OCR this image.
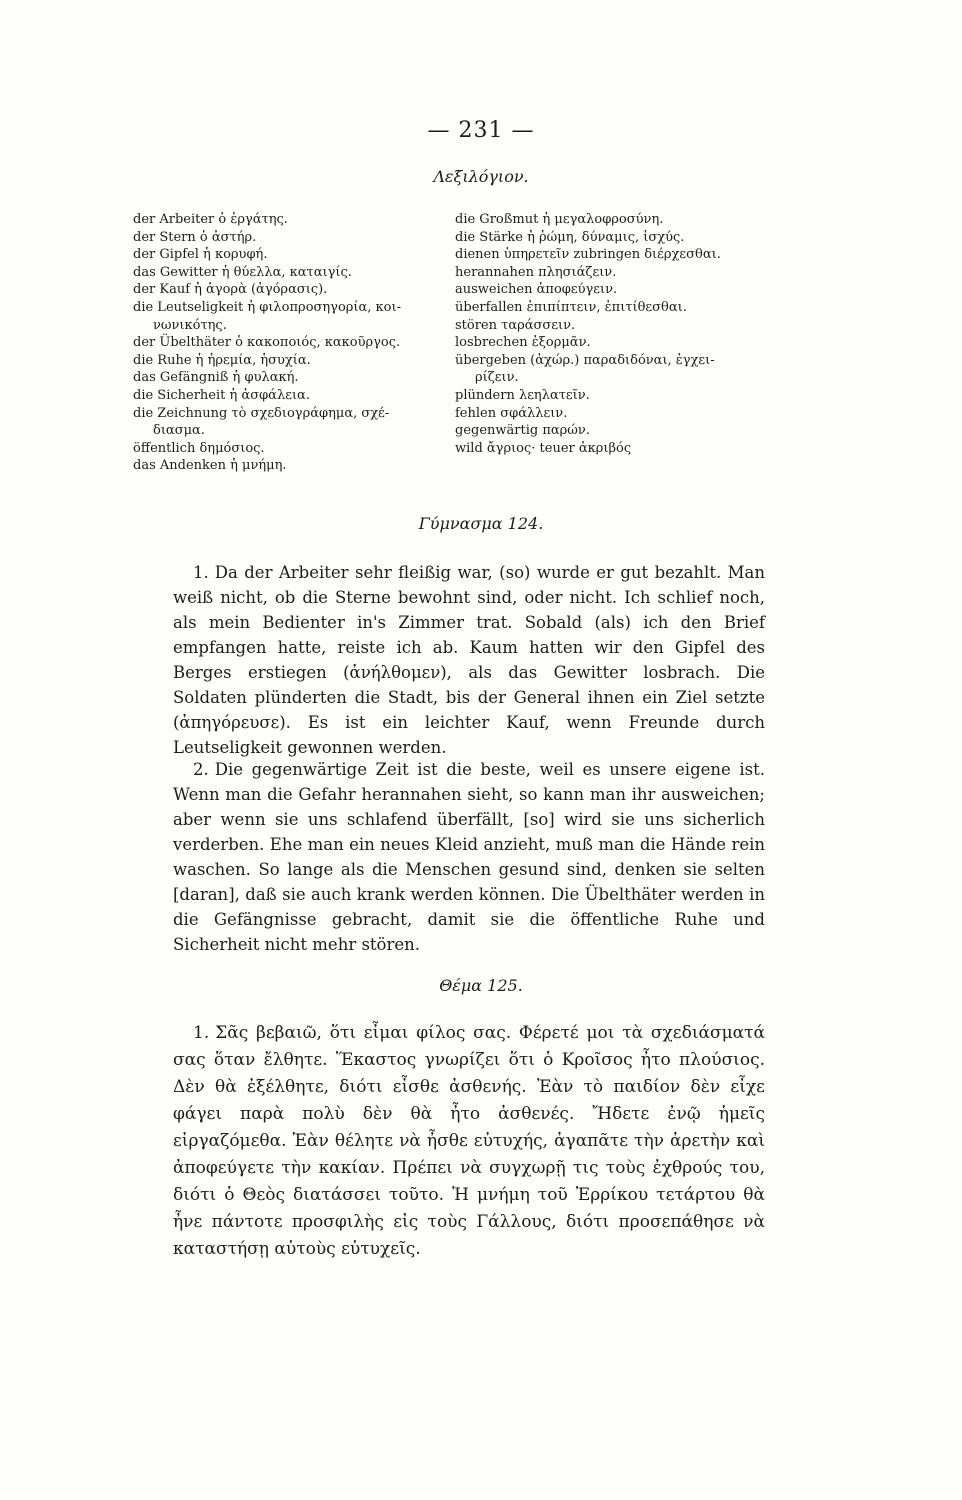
— 231 —
Λεξιλόγιον.

der Arbeiter ὁ ἐργάτης.

der Stern ὁ ἀστήρ.

der Gipfel ἡ κορυφή.

das Gewitter ἡ θύελλα, καταιγίς.

der Kauf ἡ ἀγορὰ (ἀγόρασις).

die Leutseligkeit ἡ φιλοπροσηγορία, κοι-

νωνικότης.

der Übelthäter ὁ κακοποιός, κακοῦργος.

die Ruhe ἡ ἠρεμία, ἡσυχία.

das Gefängniß ἡ φυλακή.

die Sicherheit ἡ ἀσφάλεια.

die Zeichnung τὸ σχεδιογράφημα, σχέ-

διασμα.

öffentlich δημόσιος.

das Andenken ἡ μνήμη.

die Großmut ἡ μεγαλοφροσύνη.

die Stärke ἡ ῥώμη, δύναμις, ἰσχύς.

dienen ὑπηρετεῖν zubringen διέρχεσθαι.

herannahen πλησιάζειν.

ausweichen ἀποφεύγειν.

überfallen ἐπιπίπτειν, ἐπιτίθεσθαι.

stören ταράσσειν.

losbrechen ἐξορμᾶν.

übergeben (ἀχώρ.) παραδιδόναι, ἐγχει-

ρίζειν.

plündern λεηλατεῖν.

fehlen σφάλλειν.

gegenwärtig παρών.

wild ἄγριος· teuer ἀκριβός

Γύμνασμα 124.

1. Da der Arbeiter sehr fleißig war, (so) wurde er gut bezahlt. Man weiß nicht, ob die Sterne bewohnt sind, oder nicht. Ich schlief noch, als mein Bedienter in's Zimmer trat. Sobald (als) ich den Brief empfangen hatte, reiste ich ab. Kaum hatten wir den Gipfel des Berges erstiegen (ἀνήλθομεν), als das Gewitter losbrach. Die Soldaten plünderten die Stadt, bis der General ihnen ein Ziel setzte (ἀπηγόρευσε). Es ist ein leichter Kauf, wenn Freunde durch Leutseligkeit gewonnen werden.

2. Die gegenwärtige Zeit ist die beste, weil es unsere eigene ist. Wenn man die Gefahr herannahen sieht, so kann man ihr ausweichen; aber wenn sie uns schlafend überfällt, [so] wird sie uns sicherlich verderben. Ehe man ein neues Kleid anzieht, muß man die Hände rein waschen. So lange als die Menschen gesund sind, denken sie selten [daran], daß sie auch krank werden können. Die Übelthäter werden in die Gefängnisse gebracht, damit sie die öffentliche Ruhe und Sicherheit nicht mehr stören.

Θέμα 125.

1. Σᾶς βεβαιῶ, ὅτι εἶμαι φίλος σας. Φέρετέ μοι τὰ σχεδιάσματά σας ὅταν ἔλθητε. Ἕκαστος γνωρίζει ὅτι ὁ Κροῖσος ἦτο πλούσιος. Δὲν θὰ ἐξέλθητε, διότι εἶσθε ἀσθενής. Ἐὰν τὸ παιδίον δὲν εἶχε φάγει παρὰ πολὺ δὲν θὰ ἦτο ἀσθενές. Ἤδετε ἐνῷ ἡμεῖς εἰργαζόμεθα. Ἐὰν θέλητε νὰ ἦσθε εὐτυχής, ἀγαπᾶτε τὴν ἀρετὴν καὶ ἀποφεύγετε τὴν κακίαν. Πρέπει νὰ συγχωρῇ τις τοὺς ἐχθρούς του, διότι ὁ Θεὸς διατάσσει τοῦτο. Ἡ μνήμη τοῦ Ἐρρίκου τετάρτου θὰ ἦνε πάντοτε προσφιλὴς εἰς τοὺς Γάλλους, διότι προσεπάθησε νὰ καταστήσῃ αὐτοὺς εὐτυχεῖς.
